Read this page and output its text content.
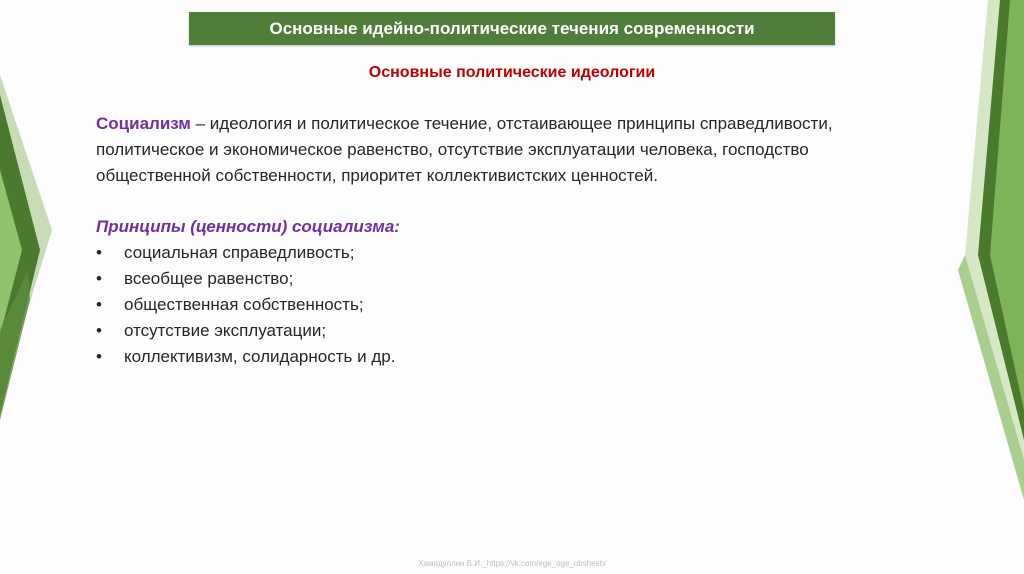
Основные идейно-политические течения современности
Основные политические идеологии
Социализм – идеология и политическое течение, отстаивающее принципы справедливости, политическое и экономическое равенство, отсутствие эксплуатации человека, господство общественной собственности, приоритет коллективистских ценностей.
Принципы (ценности) социализма:
• социальная справедливость;
• всеобщее равенство;
• общественная собственность;
• отсутствие эксплуатации;
• коллективизм, солидарность и др.
Хамидуллин Б.И._https://vk.com/ege_oge_obshestv
